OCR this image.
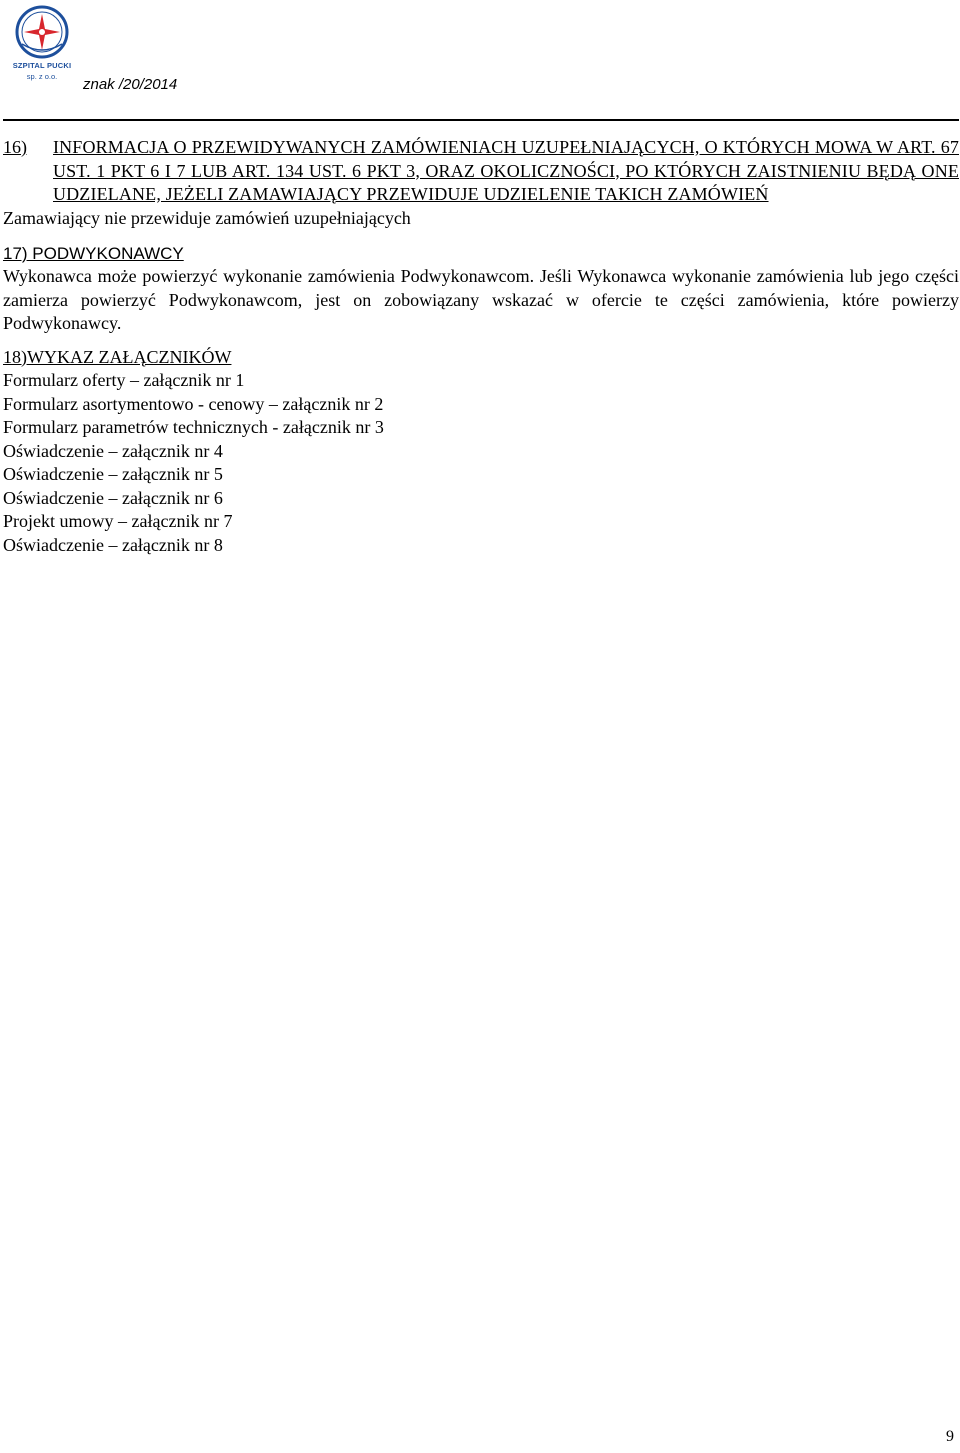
SZPITAL PUCKI
sp. z o.o.	znak /20/2014
16)	INFORMACJA O PRZEWIDYWANYCH ZAMÓWIENIACH UZUPEŁNIAJĄCYCH, O KTÓRYCH MOWA W ART. 67 UST. 1 PKT 6 I 7 LUB ART. 134 UST. 6 PKT 3, ORAZ OKOLICZNOŚCI, PO KTÓRYCH ZAISTNIENIU BĘDĄ ONE UDZIELANE, JEŻELI ZAMAWIAJĄCY PRZEWIDUJE UDZIELENIE TAKICH ZAMÓWIEŃ

Zamawiający nie przewiduje zamówień uzupełniających

17) PODWYKONAWCY

Wykonawca może powierzyć wykonanie zamówienia Podwykonawcom. Jeśli Wykonawca wykonanie zamówienia lub jego części zamierza powierzyć Podwykonawcom, jest on zobowiązany wskazać w ofercie te części zamówienia, które powierzy Podwykonawcy.

18)WYKAZ ZAŁĄCZNIKÓW
Formularz oferty – załącznik nr 1
Formularz asortymentowo - cenowy – załącznik nr 2
Formularz parametrów technicznych - załącznik nr 3
Oświadczenie – załącznik nr 4
Oświadczenie – załącznik nr 5
Oświadczenie – załącznik nr 6
Projekt umowy – załącznik nr 7
Oświadczenie – załącznik nr 8
9
